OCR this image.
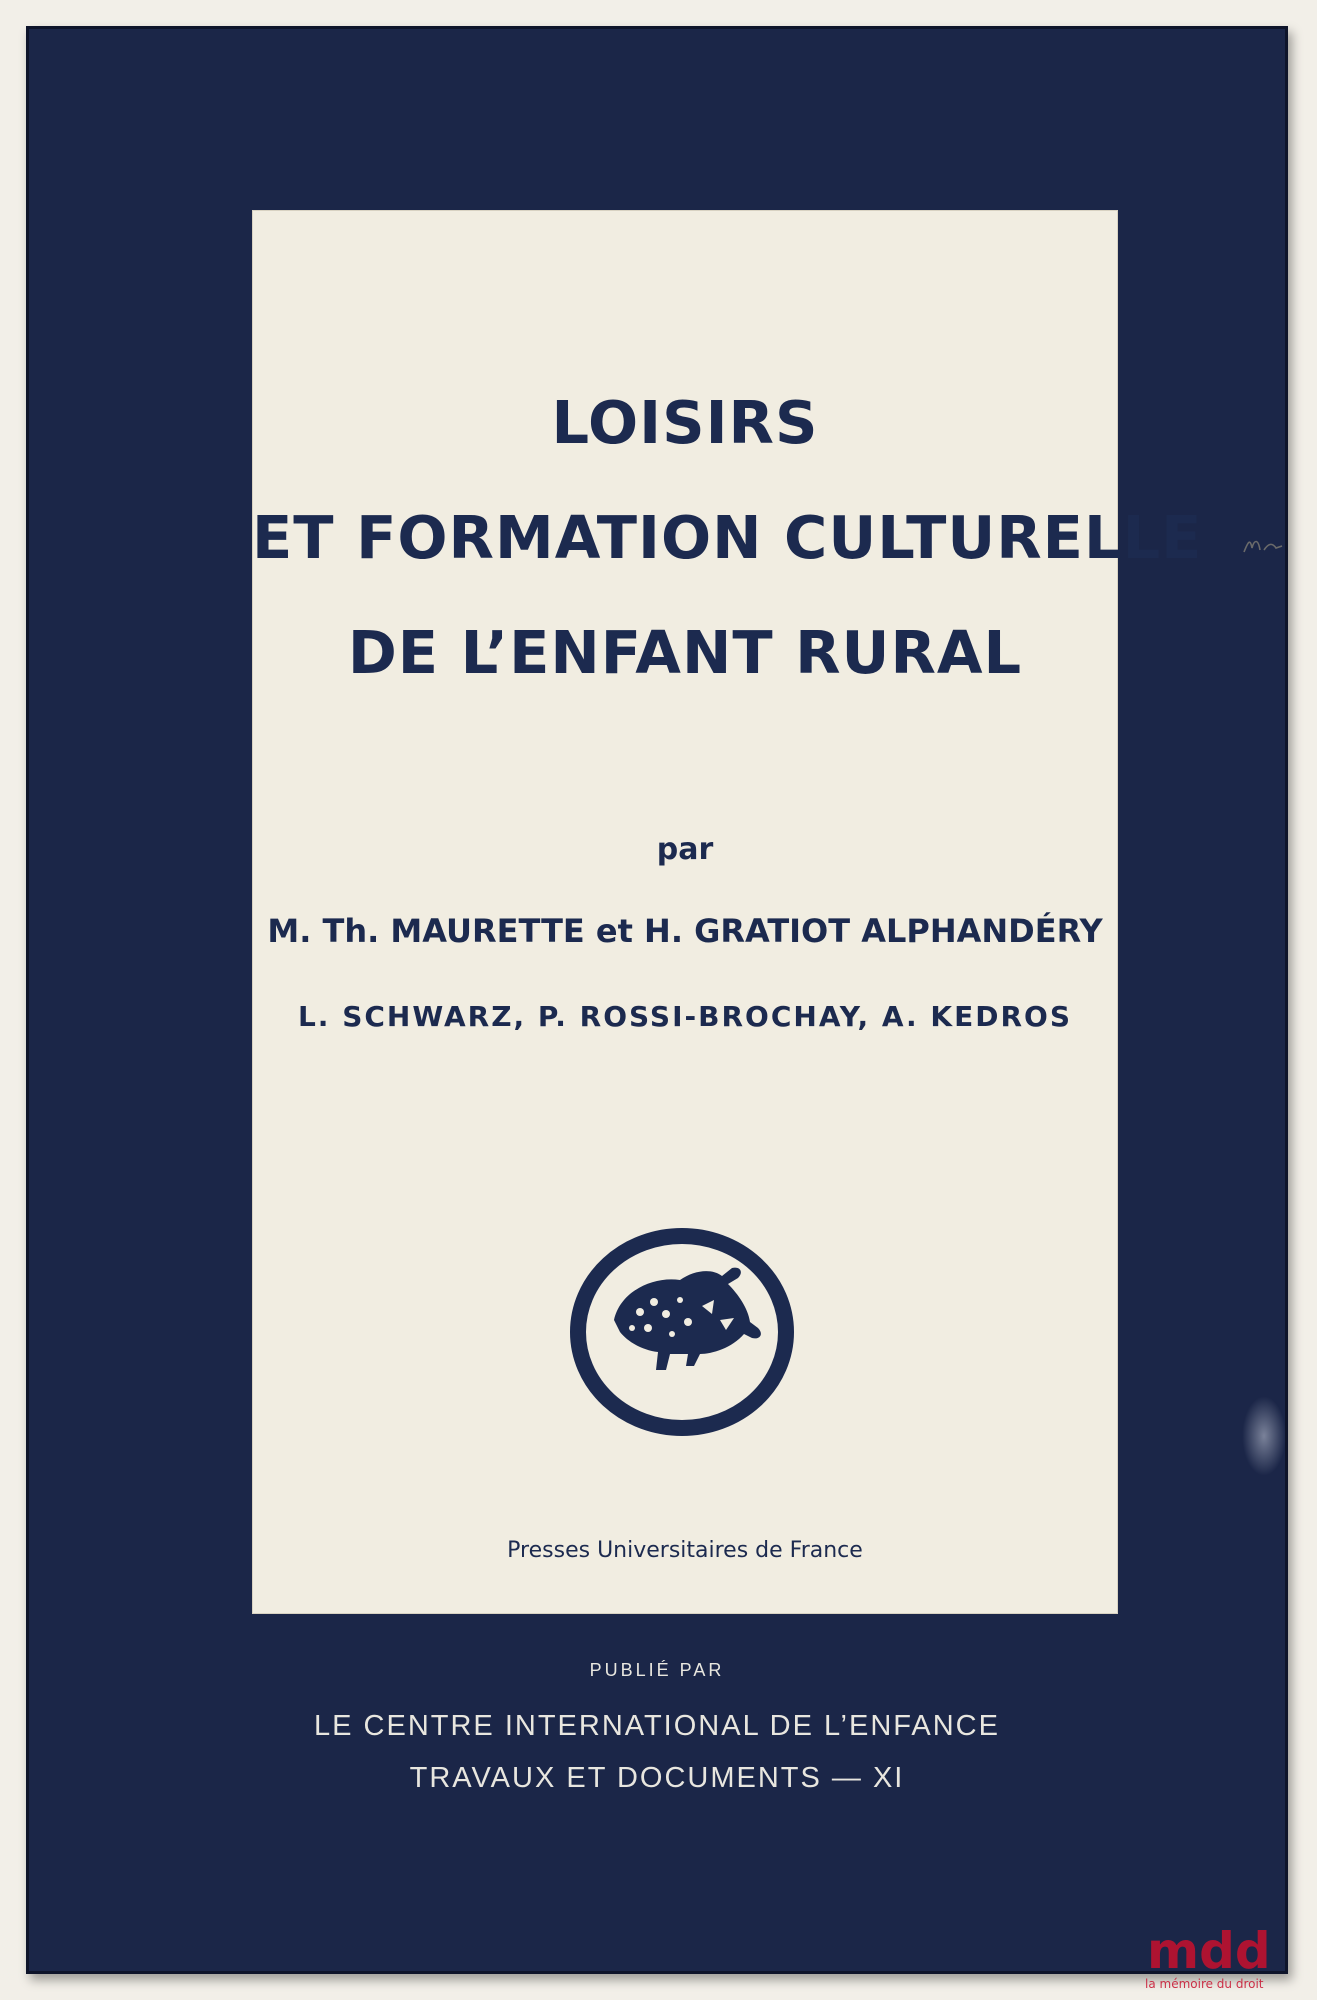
LOISIRS
ET FORMATION CULTURELLE
DE L’ENFANT RURAL
par
M. Th. MAURETTE et H. GRATIOT ALPHANDÉRY
L. SCHWARZ, P. ROSSI-BROCHAY, A. KEDROS
Presses Universitaires de France
PUBLIÉ PAR
LE CENTRE INTERNATIONAL DE L’ENFANCE
TRAVAUX ET DOCUMENTS — XI
mdd
la mémoire du droit
